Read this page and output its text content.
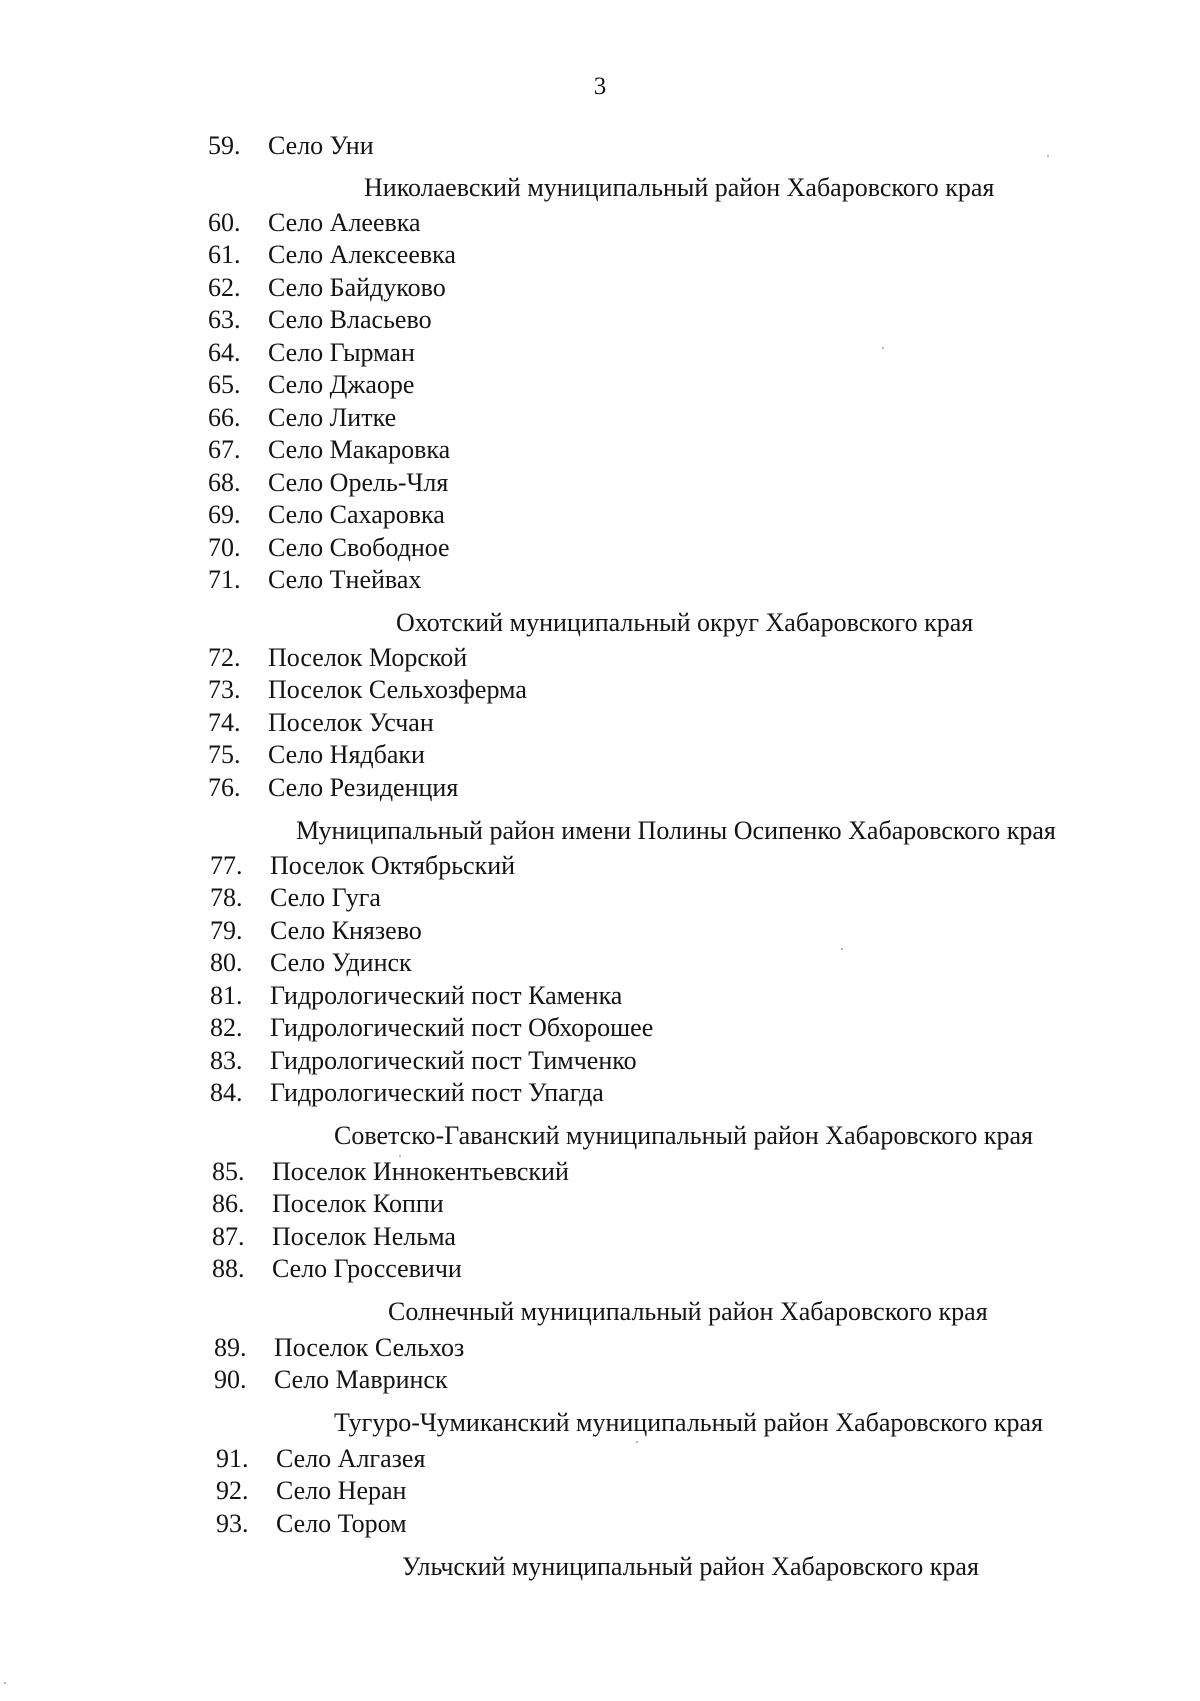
3
59. Село Уни
Николаевский муниципальный район Хабаровского края
60. Село Алеевка
61. Село Алексеевка
62. Село Байдуково
63. Село Власьево
64. Село Гырман
65. Село Джаоре
66. Село Литке
67. Село Макаровка
68. Село Орель-Чля
69. Село Сахаровка
70. Село Свободное
71. Село Тнейвах
Охотский муниципальный округ Хабаровского края
72. Поселок Морской
73. Поселок Сельхозферма
74. Поселок Усчан
75. Село Нядбаки
76. Село Резиденция
Муниципальный район имени Полины Осипенко Хабаровского края
77. Поселок Октябрьский
78. Село Гуга
79. Село Князево
80. Село Удинск
81. Гидрологический пост Каменка
82. Гидрологический пост Обхорошее
83. Гидрологический пост Тимченко
84. Гидрологический пост Упагда
Советско-Гаванский муниципальный район Хабаровского края
85. Поселок Иннокентьевский
86. Поселок Коппи
87. Поселок Нельма
88. Село Гроссевичи
Солнечный муниципальный район Хабаровского края
89. Поселок Сельхоз
90. Село Мавринск
Тугуро-Чумиканский муниципальный район Хабаровского края
91. Село Алгазея
92. Село Неран
93. Село Тором
Ульчский муниципальный район Хабаровского края
